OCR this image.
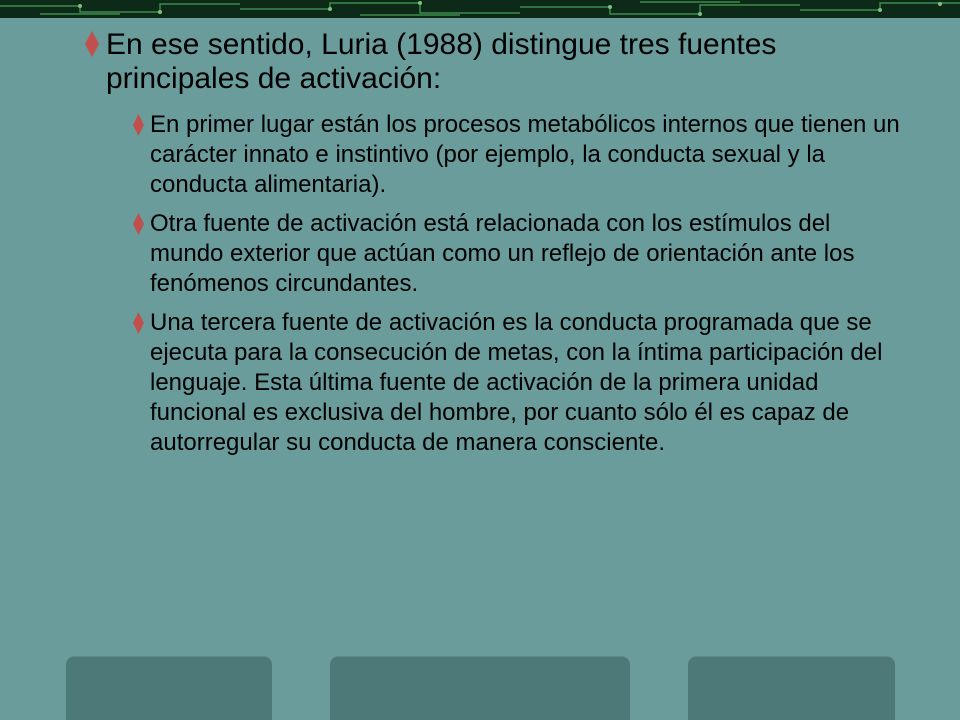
En ese sentido, Luria (1988) distingue tres fuentes principales de activación:
En primer lugar están los procesos metabólicos internos que tienen un carácter innato e instintivo (por ejemplo, la conducta sexual y la conducta alimentaria).
Otra fuente de activación está relacionada con los estímulos del mundo exterior que actúan como un reflejo de orientación ante los fenómenos circundantes.
Una tercera fuente de activación es la conducta programada que se ejecuta para la consecución de metas, con la íntima participación del lenguaje. Esta última fuente de activación de la primera unidad funcional es exclusiva del hombre, por cuanto sólo él es capaz de autorregular su conducta de manera consciente.
